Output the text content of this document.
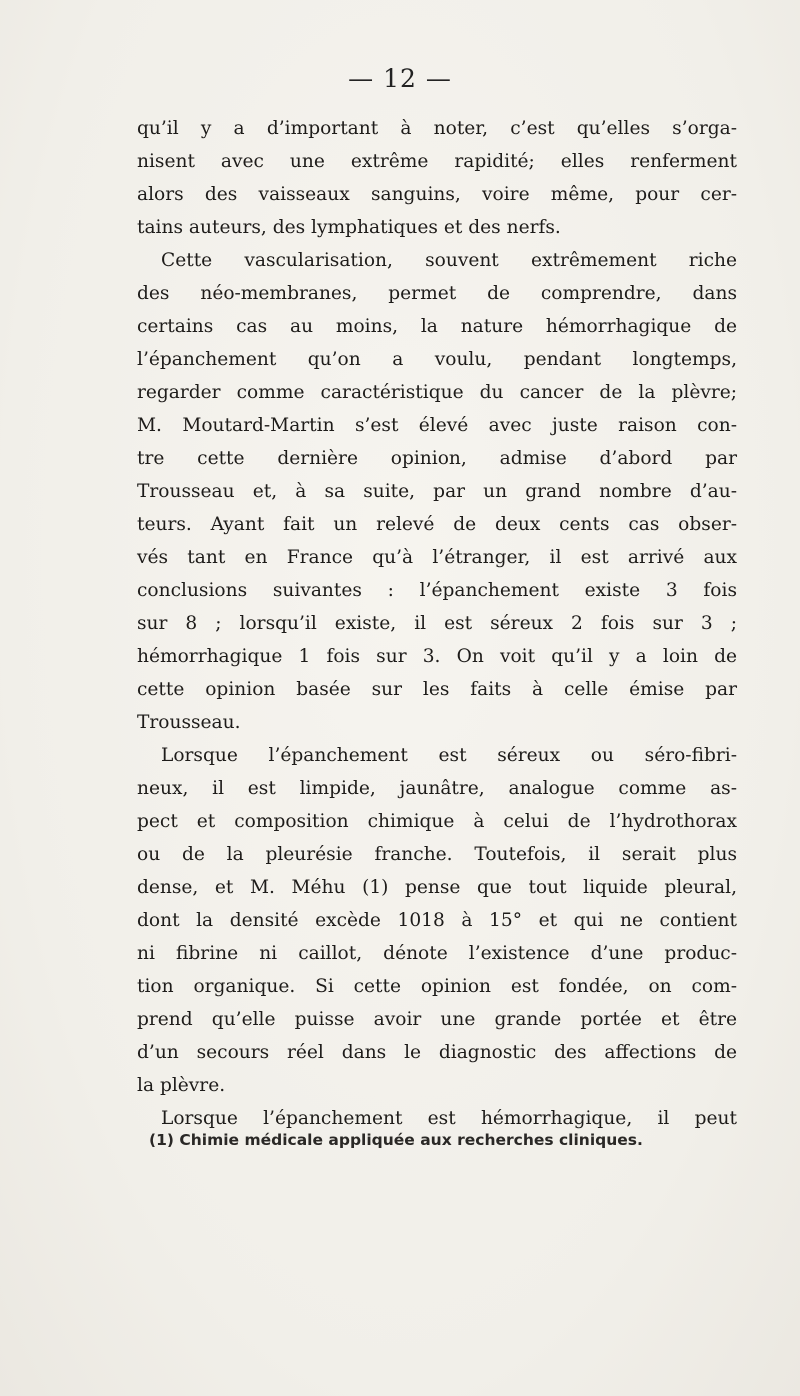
— 12 —
qu’il y a d’important à noter, c’est qu’elles s’orga-
nisent avec une extrême rapidité; elles renferment
alors des vaisseaux sanguins, voire même, pour cer-
tains auteurs, des lymphatiques et des nerfs.
Cette vascularisation, souvent extrêmement riche
des néo-membranes, permet de comprendre, dans
certains cas au moins, la nature hémorrhagique de
l’épanchement qu’on a voulu, pendant longtemps,
regarder comme caractéristique du cancer de la plèvre;
M. Moutard-Martin s’est élevé avec juste raison con-
tre cette dernière opinion, admise d’abord par
Trousseau et, à sa suite, par un grand nombre d’au-
teurs. Ayant fait un relevé de deux cents cas obser-
vés tant en France qu’à l’étranger, il est arrivé aux
conclusions suivantes : l’épanchement existe 3 fois
sur 8 ; lorsqu’il existe, il est séreux 2 fois sur 3 ;
hémorrhagique 1 fois sur 3. On voit qu’il y a loin de
cette opinion basée sur les faits à celle émise par
Trousseau.
Lorsque l’épanchement est séreux ou séro-fibri-
neux, il est limpide, jaunâtre, analogue comme as-
pect et composition chimique à celui de l’hydrothorax
ou de la pleurésie franche. Toutefois, il serait plus
dense, et M. Méhu (1) pense que tout liquide pleural,
dont la densité excède 1018 à 15° et qui ne contient
ni fibrine ni caillot, dénote l’existence d’une produc-
tion organique. Si cette opinion est fondée, on com-
prend qu’elle puisse avoir une grande portée et être
d’un secours réel dans le diagnostic des affections de
la plèvre.
Lorsque l’épanchement est hémorrhagique, il peut
(1) Chimie médicale appliquée aux recherches cliniques.
